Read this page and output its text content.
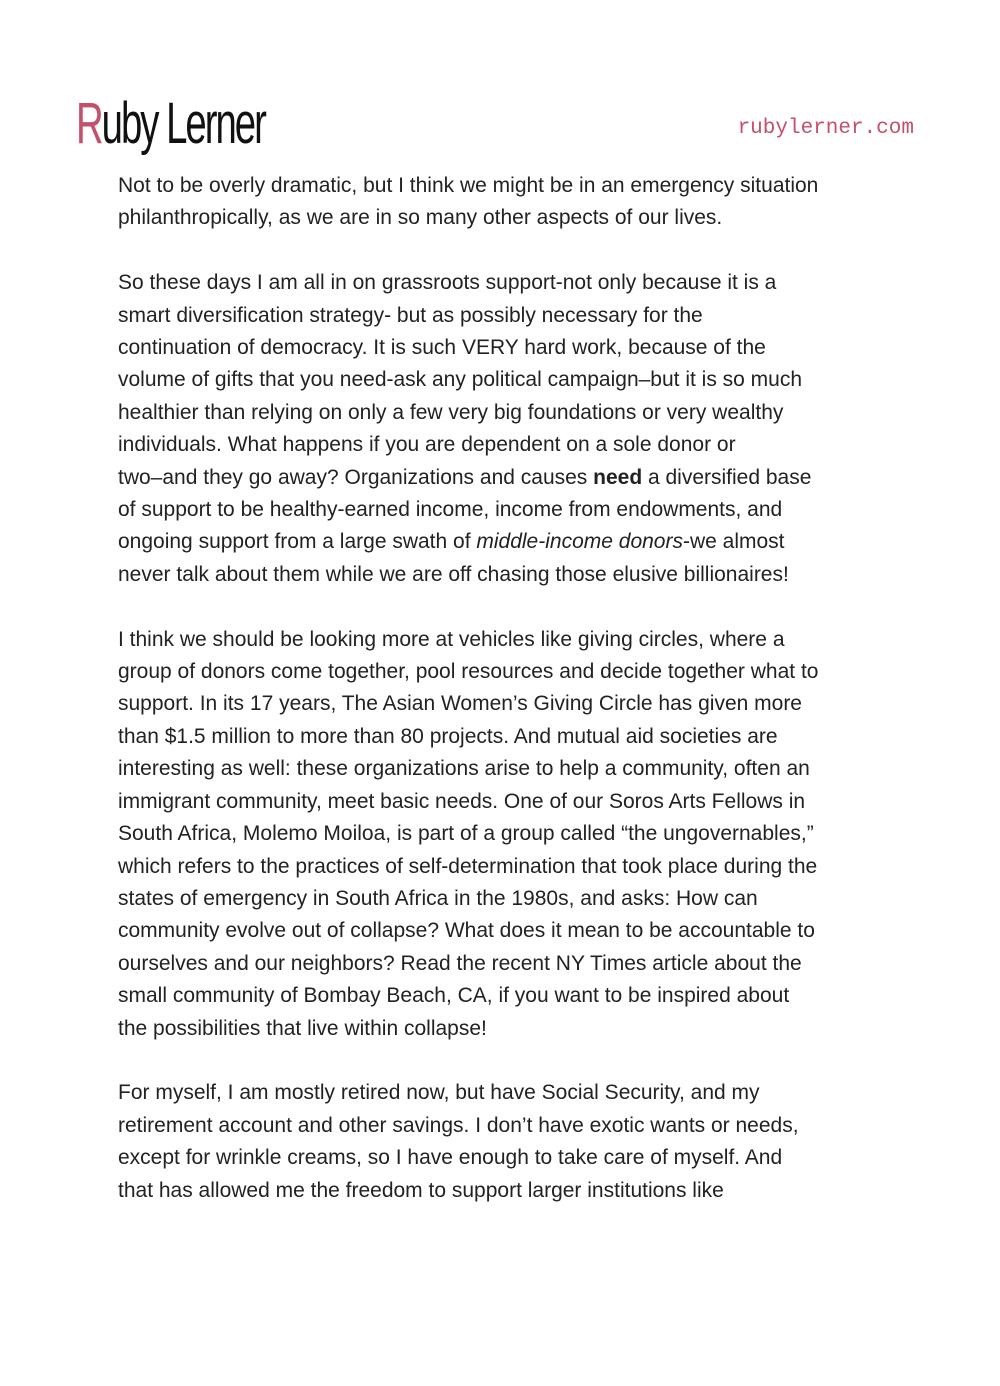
Ruby Lerner	rubylerner.com

Not to be overly dramatic, but I think we might be in an emergency situation
philanthropically, as we are in so many other aspects of our lives.

So these days I am all in on grassroots support-not only because it is a
smart diversification strategy- but as possibly necessary for the
continuation of democracy. It is such VERY hard work, because of the
volume of gifts that you need-ask any political campaign–but it is so much
healthier than relying on only a few very big foundations or very wealthy
individuals. What happens if you are dependent on a sole donor or
two–and they go away? Organizations and causes need a diversified base
of support to be healthy-earned income, income from endowments, and
ongoing support from a large swath of middle-income donors-we almost
never talk about them while we are off chasing those elusive billionaires!

I think we should be looking more at vehicles like giving circles, where a
group of donors come together, pool resources and decide together what to
support. In its 17 years, The Asian Women’s Giving Circle has given more
than $1.5 million to more than 80 projects. And mutual aid societies are
interesting as well: these organizations arise to help a community, often an
immigrant community, meet basic needs. One of our Soros Arts Fellows in
South Africa, Molemo Moiloa, is part of a group called “the ungovernables,”
which refers to the practices of self-determination that took place during the
states of emergency in South Africa in the 1980s, and asks: How can
community evolve out of collapse? What does it mean to be accountable to
ourselves and our neighbors? Read the recent NY Times article about the
small community of Bombay Beach, CA, if you want to be inspired about
the possibilities that live within collapse!

For myself, I am mostly retired now, but have Social Security, and my
retirement account and other savings. I don’t have exotic wants or needs,
except for wrinkle creams, so I have enough to take care of myself. And
that has allowed me the freedom to support larger institutions like
